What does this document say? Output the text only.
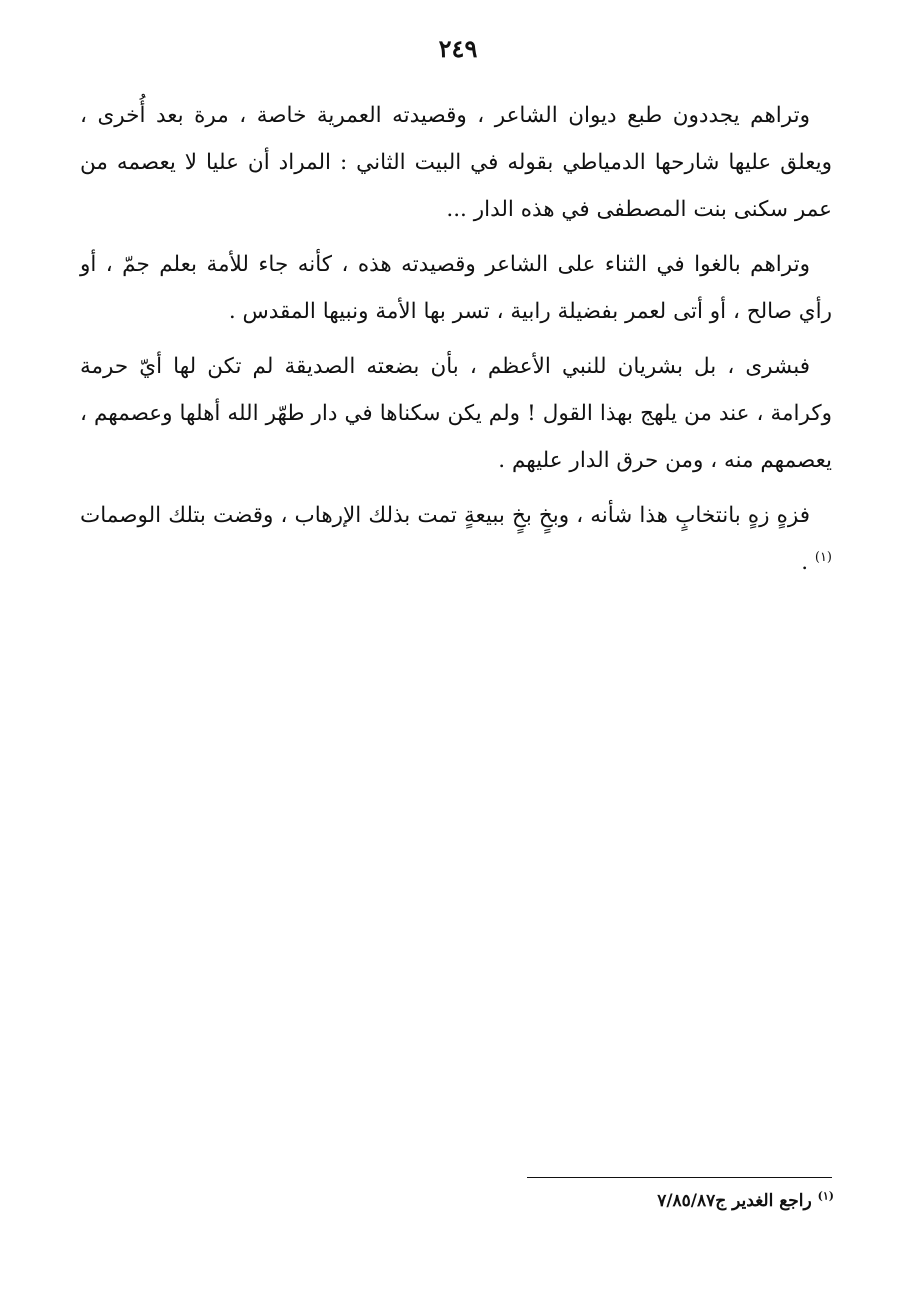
٢٤٩

وتراهم يجددون طبع ديوان الشاعر ، وقصيدته العمرية خاصة ، مرة بعد أُخرى ، ويعلق عليها شارحها الدمياطي بقوله في البيت الثاني : المراد أن عليا لا يعصمه من عمر سكنى بنت المصطفى في هذه الدار ...

وتراهم بالغوا في الثناء على الشاعر وقصيدته هذه ، كأنه جاء للأمة بعلم جمّ ، أو رأي صالح ، أو أتى لعمر بفضيلة رابية ، تسر بها الأمة ونبيها المقدس .

فبشرى ، بل بشريان للنبي الأعظم ، بأن بضعته الصديقة لم تكن لها أيّ حرمة وكرامة ، عند من يلهج بهذا القول ! ولم يكن سكناها في دار طهّر الله أهلها وعصمهم ، يعصمهم منه ، ومن حرق الدار عليهم .

فزهٍ زهٍ بانتخابٍ هذا شأنه ، وبخٍ بخٍ ببيعةٍ تمت بذلك الإرهاب ، وقضت بتلك الوصمات $^{(١)}$ .

$^{(١)}$ راجع الغدير ج٧/٨٥/٨٧
